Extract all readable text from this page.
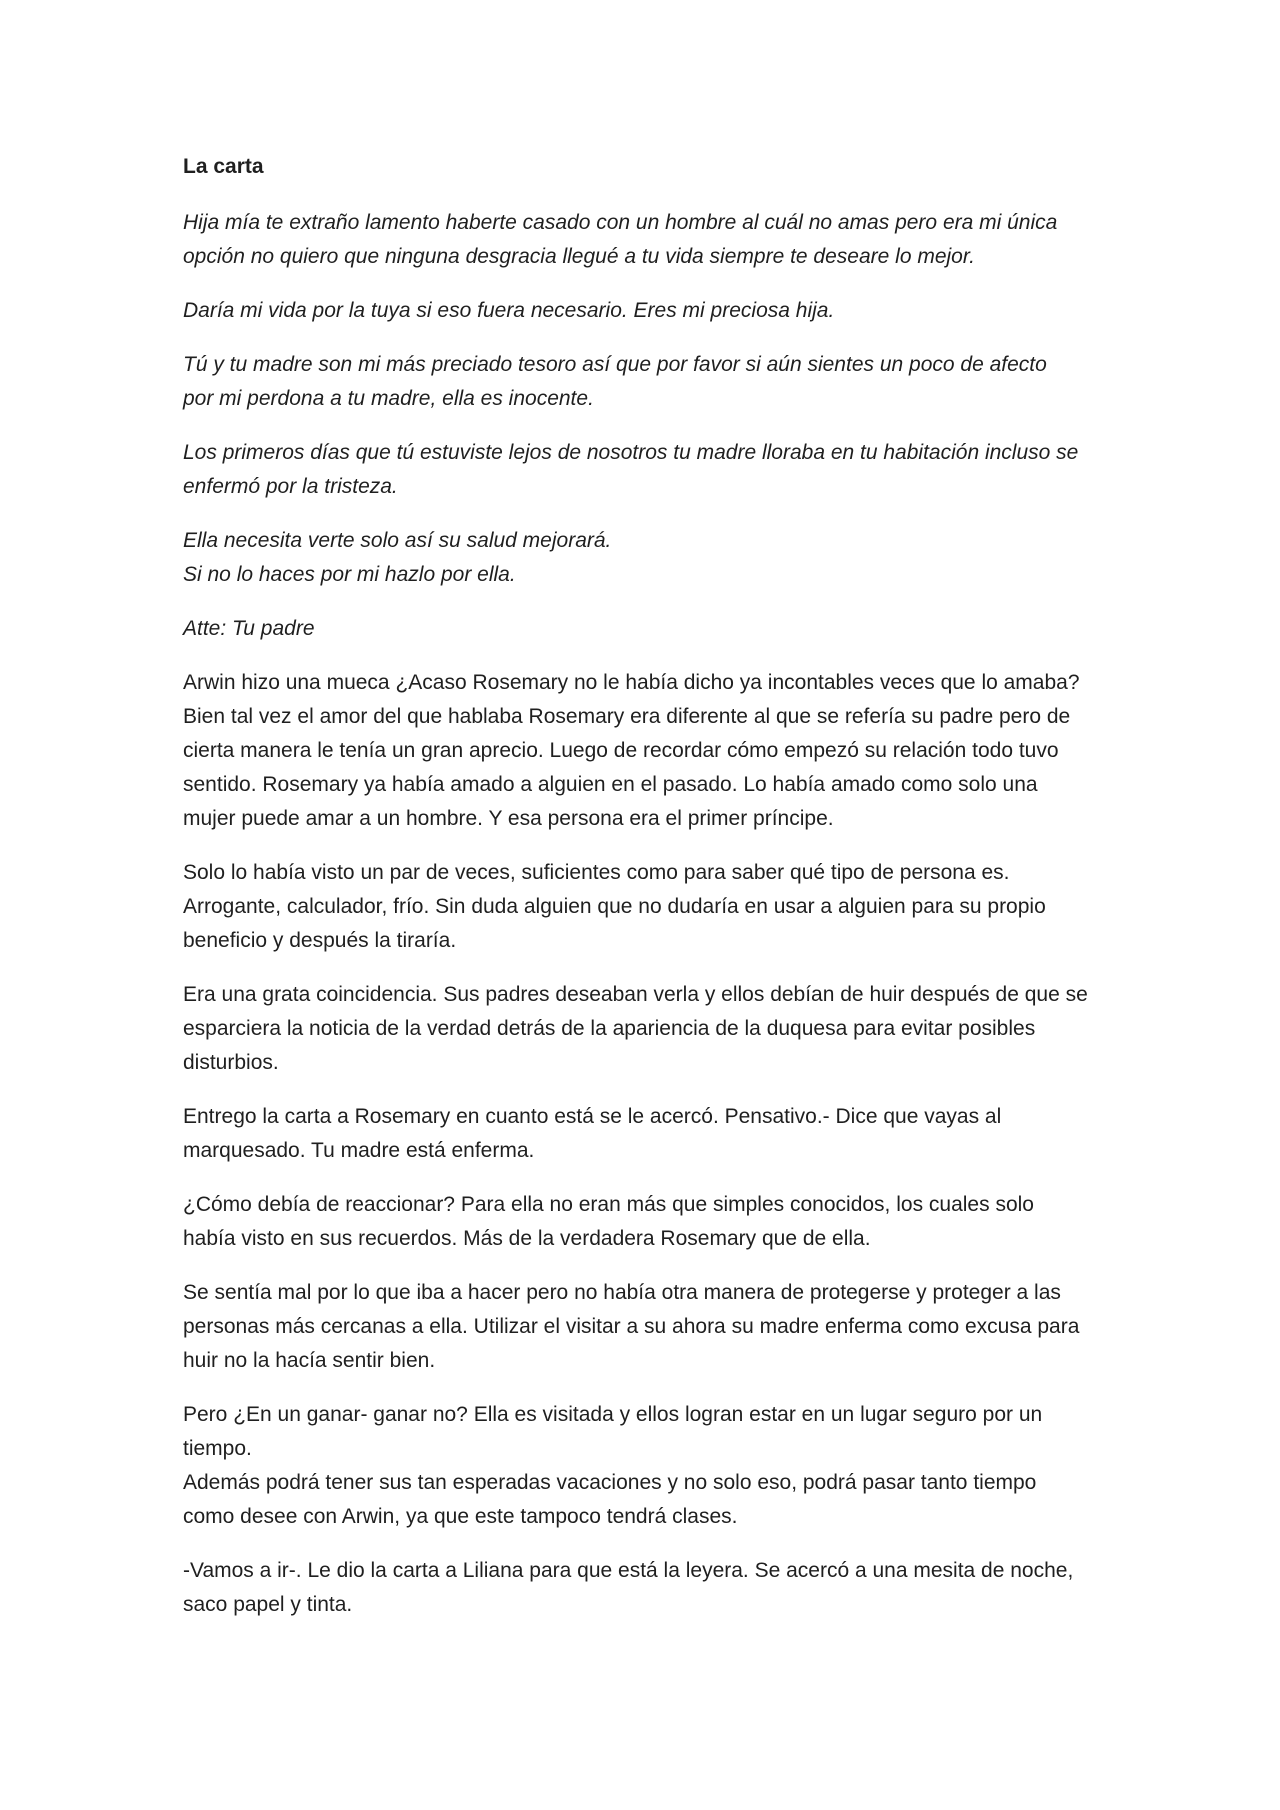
La carta
Hija mía te extraño lamento haberte casado con un hombre al cuál no amas pero era mi única
opción no quiero que ninguna desgracia llegué a tu vida siempre te deseare lo mejor.
Daría mi vida por la tuya si eso fuera necesario. Eres mi preciosa hija.
Tú y tu madre son mi más preciado tesoro así que por favor si aún sientes un poco de afecto
por mi perdona a tu madre, ella es inocente.
Los primeros días que tú estuviste lejos de nosotros tu madre lloraba en tu habitación incluso se
enfermó por la tristeza.
Ella necesita verte solo así su salud mejorará.
Si no lo haces por mi hazlo por ella.
Atte: Tu padre
Arwin hizo una mueca ¿Acaso Rosemary no le había dicho ya incontables veces que lo amaba?
Bien tal vez el amor del que hablaba Rosemary era diferente al que se refería su padre pero de
cierta manera le tenía un gran aprecio. Luego de recordar cómo empezó su relación todo tuvo
sentido. Rosemary ya había amado a alguien en el pasado. Lo había amado como solo una
mujer puede amar a un hombre. Y esa persona era el primer príncipe.
Solo lo había visto un par de veces, suficientes como para saber qué tipo de persona es.
Arrogante, calculador, frío. Sin duda alguien que no dudaría en usar a alguien para su propio
beneficio y después la tiraría.
Era una grata coincidencia. Sus padres deseaban verla y ellos debían de huir después de que se
esparciera la noticia de la verdad detrás de la apariencia de la duquesa para evitar posibles
disturbios.
Entrego la carta a Rosemary en cuanto está se le acercó. Pensativo.- Dice que vayas al
marquesado. Tu madre está enferma.
¿Cómo debía de reaccionar? Para ella no eran más que simples conocidos, los cuales solo
había visto en sus recuerdos. Más de la verdadera Rosemary que de ella.
Se sentía mal por lo que iba a hacer pero no había otra manera de protegerse y proteger a las
personas más cercanas a ella. Utilizar el visitar a su ahora su madre enferma como excusa para
huir no la hacía sentir bien.
Pero ¿En un ganar- ganar no? Ella es visitada y ellos logran estar en un lugar seguro por un
tiempo.
Además podrá tener sus tan esperadas vacaciones y no solo eso, podrá pasar tanto tiempo
como desee con Arwin, ya que este tampoco tendrá clases.
-Vamos a ir-. Le dio la carta a Liliana para que está la leyera. Se acercó a una mesita de noche,
saco papel y tinta.
